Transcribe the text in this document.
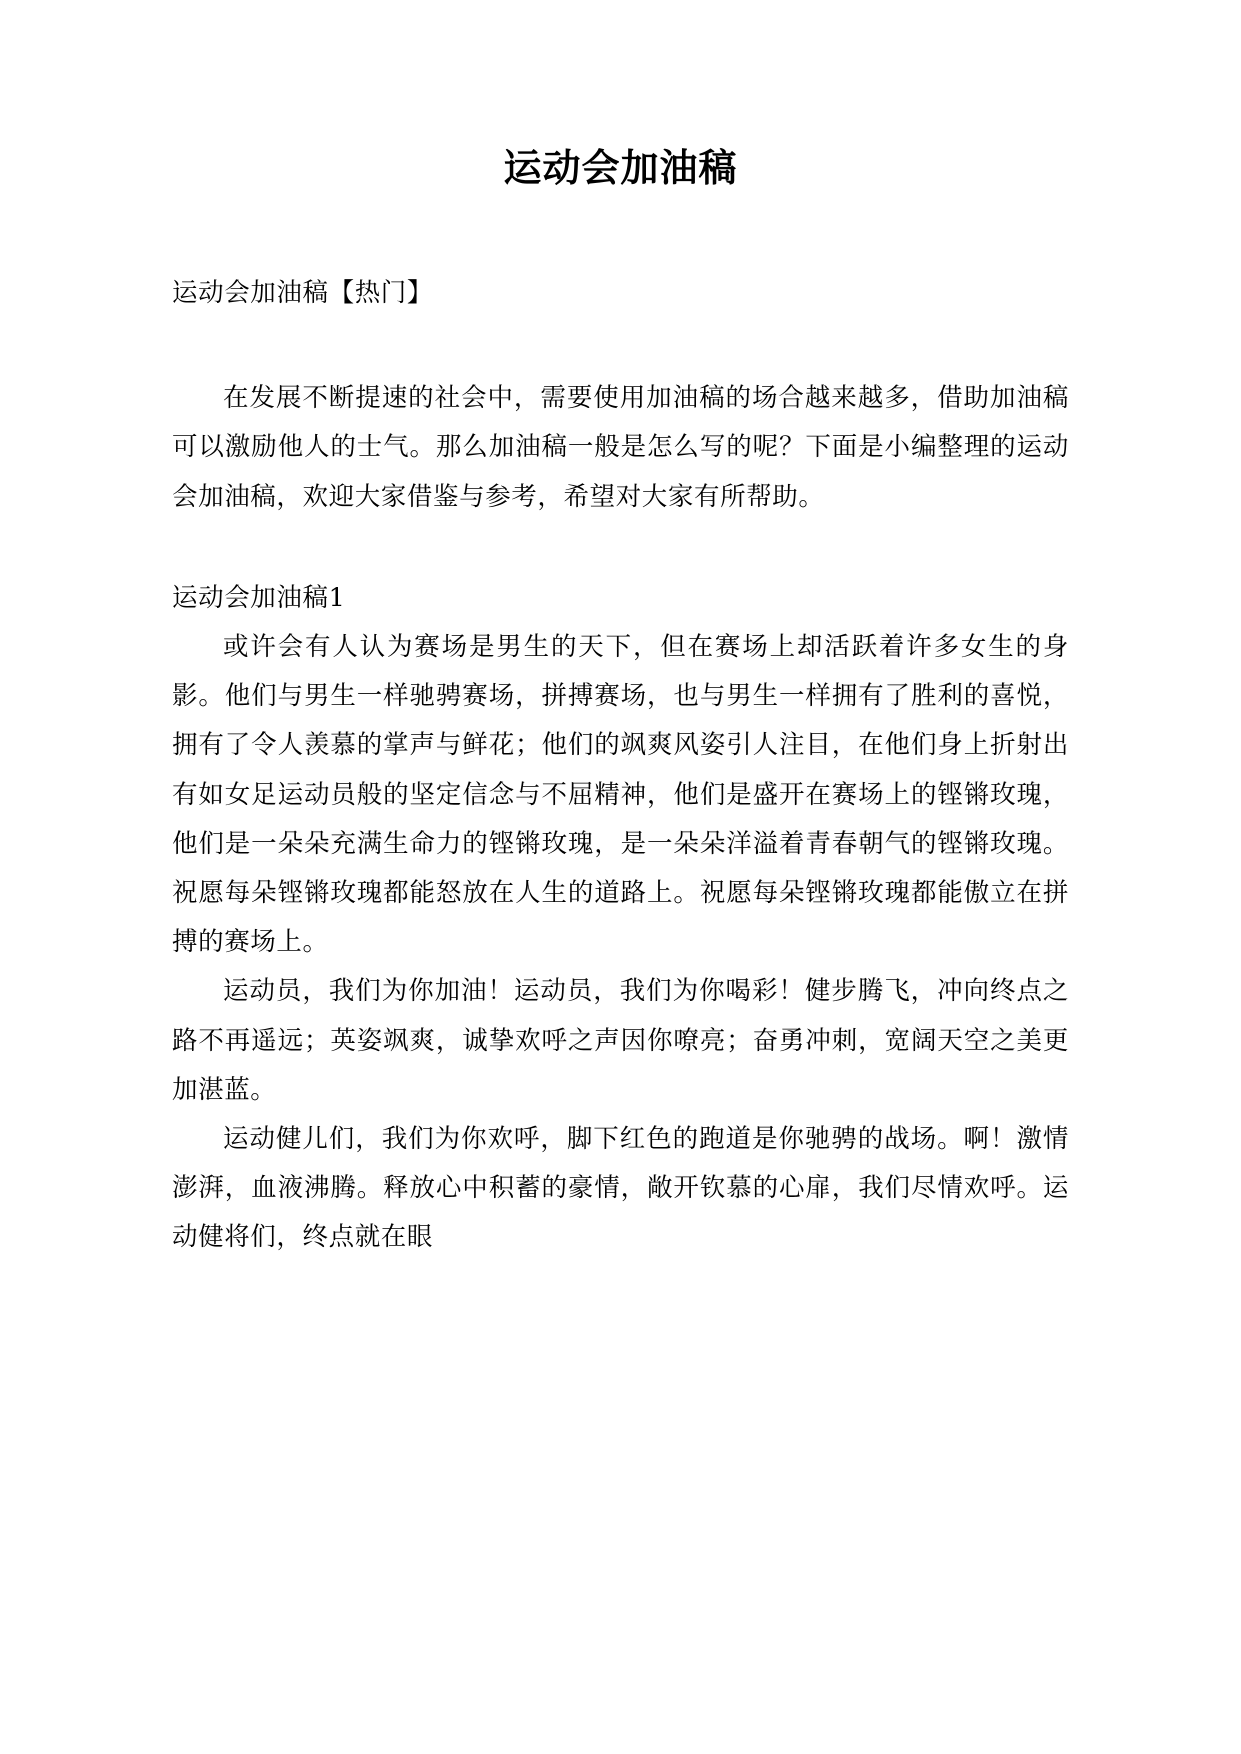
运动会加油稿

运动会加油稿【热门】

在发展不断提速的社会中，需要使用加油稿的场合越来越多，借助加油稿可以激励他人的士气。那么加油稿一般是怎么写的呢？下面是小编整理的运动会加油稿，欢迎大家借鉴与参考，希望对大家有所帮助。

运动会加油稿1

或许会有人认为赛场是男生的天下，但在赛场上却活跃着许多女生的身影。他们与男生一样驰骋赛场，拼搏赛场，也与男生一样拥有了胜利的喜悦，拥有了令人羡慕的掌声与鲜花；他们的飒爽风姿引人注目，在他们身上折射出有如女足运动员般的坚定信念与不屈精神，他们是盛开在赛场上的铿锵玫瑰，他们是一朵朵充满生命力的铿锵玫瑰，是一朵朵洋溢着青春朝气的铿锵玫瑰。祝愿每朵铿锵玫瑰都能怒放在人生的道路上。祝愿每朵铿锵玫瑰都能傲立在拼搏的赛场上。

运动员，我们为你加油！运动员，我们为你喝彩！健步腾飞，冲向终点之路不再遥远；英姿飒爽，诚挚欢呼之声因你嘹亮；奋勇冲刺，宽阔天空之美更加湛蓝。

运动健儿们，我们为你欢呼，脚下红色的跑道是你驰骋的战场。啊！激情澎湃，血液沸腾。释放心中积蓄的豪情，敞开钦慕的心扉，我们尽情欢呼。运动健将们，终点就在眼
